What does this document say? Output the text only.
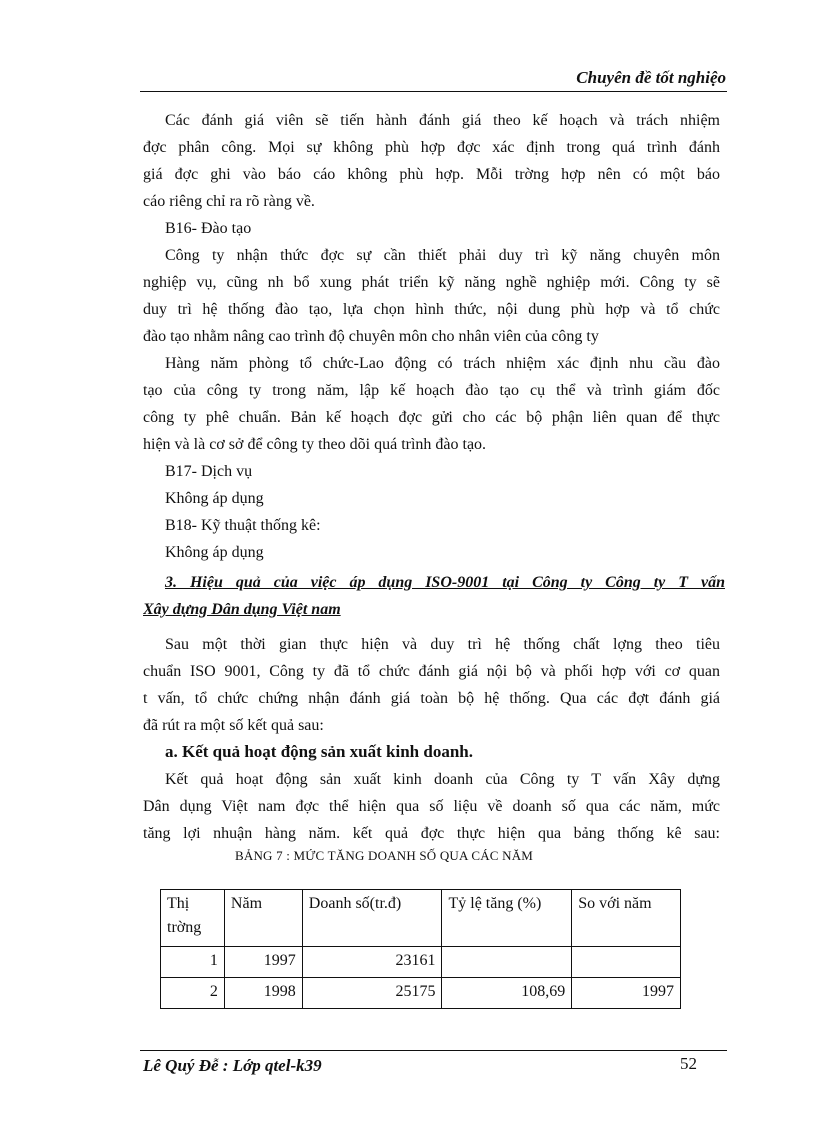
Chuyên đề tốt nghiệo
Các đánh giá viên sẽ tiến hành đánh giá theo kế hoạch và trách nhiệm
đợc phân công. Mọi sự không phù hợp đợc xác định trong quá trình đánh
giá đợc ghi vào báo cáo không phù hợp. Mỗi trờng hợp nên có một báo
cáo riêng chỉ ra rõ ràng về.
B16- Đào tạo
Công ty nhận thức đợc sự cần thiết phải duy trì kỹ năng chuyên môn
nghiệp vụ, cũng nh bổ xung phát triển kỹ năng nghề nghiệp mới. Công ty sẽ
duy trì hệ thống đào tạo, lựa chọn hình thức, nội dung phù hợp và tổ chức
đào tạo nhằm nâng cao trình độ chuyên môn cho nhân viên của công ty
Hàng năm phòng tổ chức-Lao động có trách nhiệm xác định nhu cầu đào
tạo của công ty trong năm, lập kế hoạch đào tạo cụ thể và trình giám đốc
công ty phê chuẩn. Bản kế hoạch đợc gửi cho các bộ phận liên quan để thực
hiện và là cơ sở để công ty theo dõi quá trình đào tạo.
B17- Dịch vụ
Không áp dụng
B18- Kỹ thuật thống kê:
Không áp dụng
3. Hiệu quả của việc áp dụng ISO-9001 tại Công ty Công ty T vấn
Xây dựng Dân dụng Việt nam
Sau một thời gian thực hiện và duy trì hệ thống chất lợng theo tiêu
chuẩn ISO 9001, Công ty đã tổ chức đánh giá nội bộ và phối hợp với cơ quan
t vấn, tổ chức chứng nhận đánh giá toàn bộ hệ thống. Qua các đợt đánh giá
đã rút ra một số kết quả sau:
a. Kết quả hoạt động sản xuất kinh doanh.
Kết quả hoạt động sản xuất kinh doanh của Công ty T vấn Xây dựng
Dân dụng Việt nam đợc thể hiện qua số liệu về doanh số qua các năm, mức
tăng lợi nhuận hàng năm. kết quả đợc thực hiện qua bảng thống kê sau:
BẢNG 7 : MỨC TĂNG DOANH SỐ QUA CÁC NĂM
Thị trờng	Năm	Doanh số(tr.đ)	Tỷ lệ tăng (%)	So với năm
1	1997	23161		
2	1998	25175	108,69	1997
Lê Quý Đễ : Lớp qtel-k39	52
